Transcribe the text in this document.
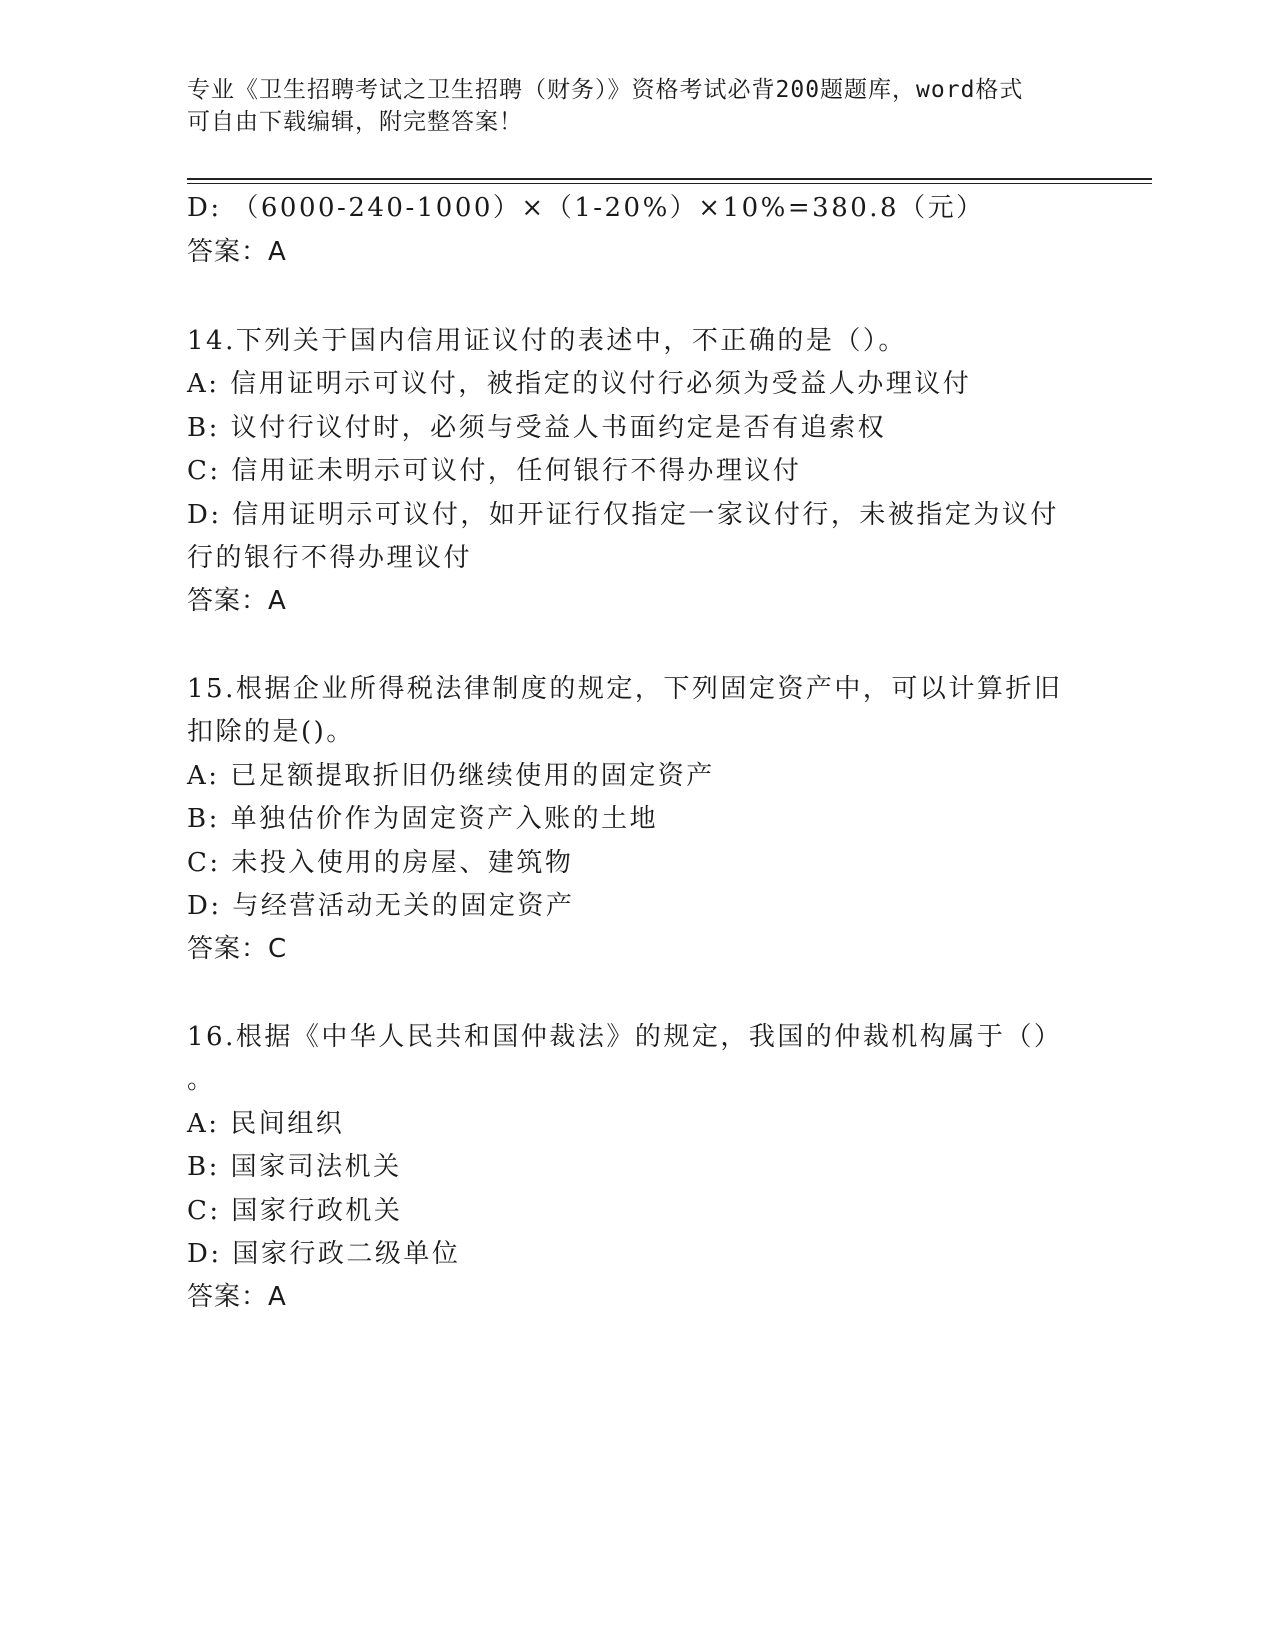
专业《卫生招聘考试之卫生招聘（财务）》资格考试必背200题题库，word格式
可自由下载编辑，附完整答案！
D: （6000-240-1000）×（1-20%）×10%=380.8（元）
答案：A
14.下列关于国内信用证议付的表述中，不正确的是（）。
A: 信用证明示可议付，被指定的议付行必须为受益人办理议付
B: 议付行议付时，必须与受益人书面约定是否有追索权
C: 信用证未明示可议付，任何银行不得办理议付
D: 信用证明示可议付，如开证行仅指定一家议付行，未被指定为议付
行的银行不得办理议付
答案：A
15.根据企业所得税法律制度的规定，下列固定资产中，可以计算折旧
扣除的是()。
A: 已足额提取折旧仍继续使用的固定资产
B: 单独估价作为固定资产入账的土地
C: 未投入使用的房屋、建筑物
D: 与经营活动无关的固定资产
答案：C
16.根据《中华人民共和国仲裁法》的规定，我国的仲裁机构属于（）
。
A: 民间组织
B: 国家司法机关
C: 国家行政机关
D: 国家行政二级单位
答案：A
